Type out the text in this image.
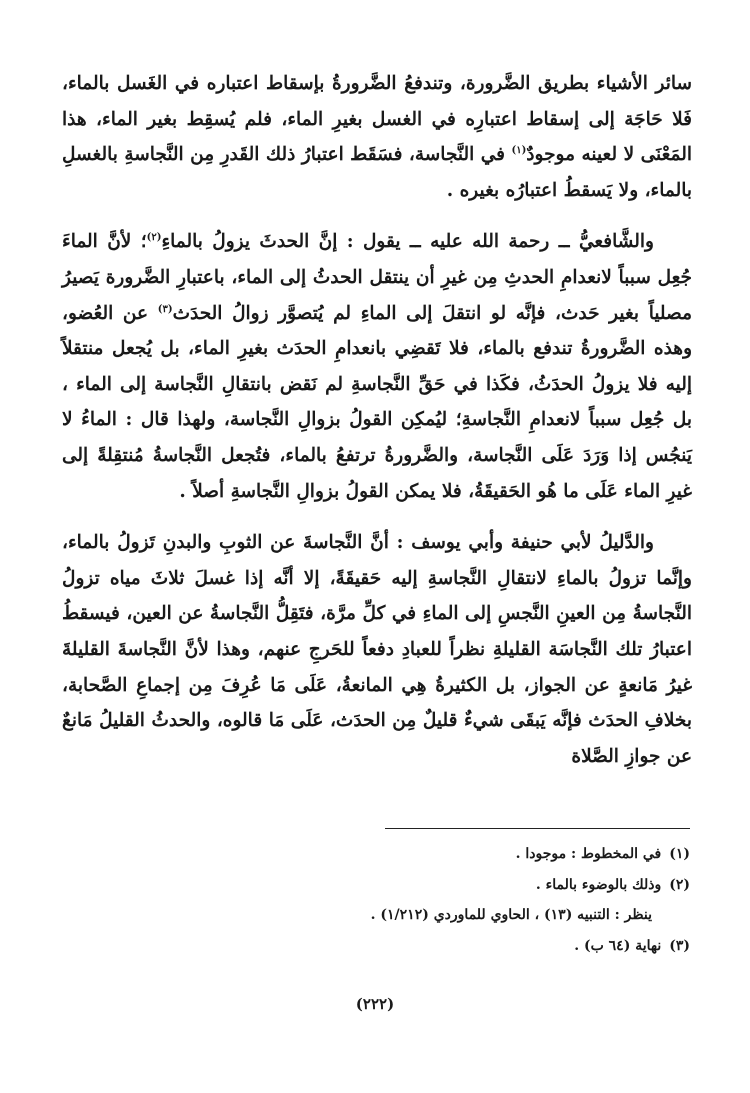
سائر الأشياء بطريق الضَّرورة، وتندفعُ الضَّرورةُ بإسقاط اعتباره في الغَسل بالماء، فَلا حَاجَة إلى إسقاط اعتبارِه في الغسل بغيرِ الماء، فلم يُسقِط بغير الماء، هذا المَعْنَى لا لعينه موجودٌ$^{(١)}$ في النَّجاسة، فسَقَط اعتبارُ ذلك القَدرِ مِن النَّجاسةِ بالغسلِ بالماء، ولا يَسقطُ اعتبارُه بغيره .

والشَّافعيُّ ــ رحمة الله عليه ــ يقول : إنَّ الحدثَ يزولُ بالماءِ$^{(٢)}$؛ لأنَّ الماءَ جُعِل سبباً لانعدامِ الحدثِ مِن غيرِ أن ينتقل الحدثُ إلى الماء، باعتبارِ الضَّرورة يَصيرُ مصلياً بغير حَدث، فإنَّه لو انتقلَ إلى الماءِ لم يُتصوَّر زوالُ الحدَث$^{(٣)}$ عن العُضو، وهذه الضَّرورةُ تندفع بالماء، فلا تَقضِي بانعدامِ الحدَث بغيرِ الماء، بل يُجعل منتقلاً إليه فلا يزولُ الحدَثُ، فكَذا في حَقِّ النَّجاسةِ لم نَقض بانتقالِ النَّجاسة إلى الماء ، بل جُعِل سبباً لانعدامِ النَّجاسةِ؛ ليُمكِن القولُ بزوالِ النَّجاسة، ولهذا قال : الماءُ لا يَنجُس إذا وَرَدَ عَلَى النَّجاسة، والضَّرورةُ ترتفعُ بالماء، فتُجعل النَّجاسةُ مُنتقِلةً إلى غيرِ الماء عَلَى ما هُو الحَقيقَةُ، فلا يمكن القولُ بزوالِ النَّجاسةِ أصلاً .

والدَّليلُ لأبي حنيفة وأبي يوسف : أنَّ النَّجاسةَ عن الثوبِ والبدنِ تَزولُ بالماء، وإنَّما تزولُ بالماءِ لانتقالِ النَّجاسةِ إليه حَقيقَةً، إلا أنَّه إذا غسلَ ثلاثَ مياه تزولُ النَّجاسةُ مِن العينِ النَّجسِ إلى الماءِ في كلِّ مرَّة، فتَقِلُّ النَّجاسةُ عن العين، فيسقطُ اعتبارُ تلك النَّجاسَة القليلةِ نظراً للعبادِ دفعاً للحَرجِ عنهم، وهذا لأنَّ النَّجاسةَ القليلةَ غيرُ مَانعةٍ عن الجواز، بل الكثيرةُ هِي المانعةُ، عَلَى مَا عُرِفَ مِن إجماعِ الصَّحابة، بخلافِ الحدَث فإنَّه يَبقَى شيءٌ قليلٌ مِن الحدَث، عَلَى مَا قالوه، والحدثُ القليلُ مَانعٌ عن جوازِ الصَّلاة

(١)في المخطوط : موجودا .
(٢)وذلك بالوضوء بالماء .
ينظر : التنبيه (١٣) ، الحاوي للماوردي (١/٢١٢) .
(٣)نهاية (٦٤ ب) .
(٢٢٢)
